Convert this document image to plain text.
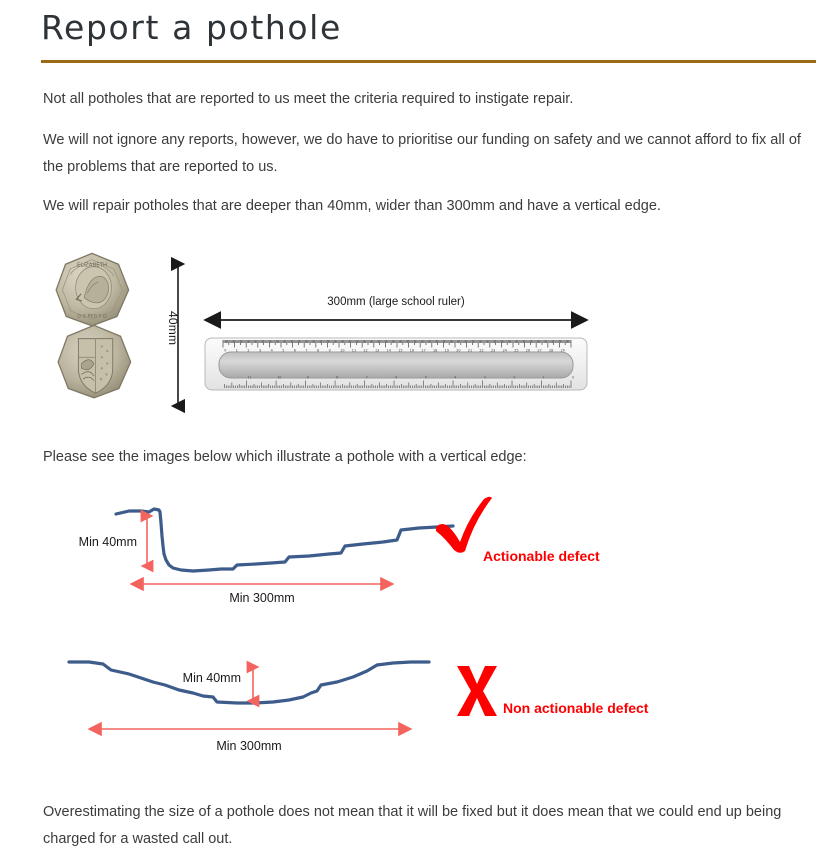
Report a pothole
Not all potholes that are reported to us meet the criteria required to instigate repair.
We will not ignore any reports, however, we do have to prioritise our funding on safety and we cannot afford to fix all of the problems that are reported to us.
We will repair potholes that are deeper than 40mm, wider than 300mm and have a vertical edge.
ELIZABETH
D G REG F D	40mm
300mm (large school ruler)
0	1	2	3	4	5	6	7	8	9	10 11 12 13 14 15 16 17 18 19 20 21 22 23 24 25 26 27 28 29
0
1
2
3
4
5
6
7
8
9
10
11
Please see the images below which illustrate a pothole with a vertical edge:
Min 40mm
Min 300mm
Actionable defect
Min 40mm
Min 300mm
Non actionable defect
Overestimating the size of a pothole does not mean that it will be fixed but it does mean that we could end up being charged for a wasted call out.
